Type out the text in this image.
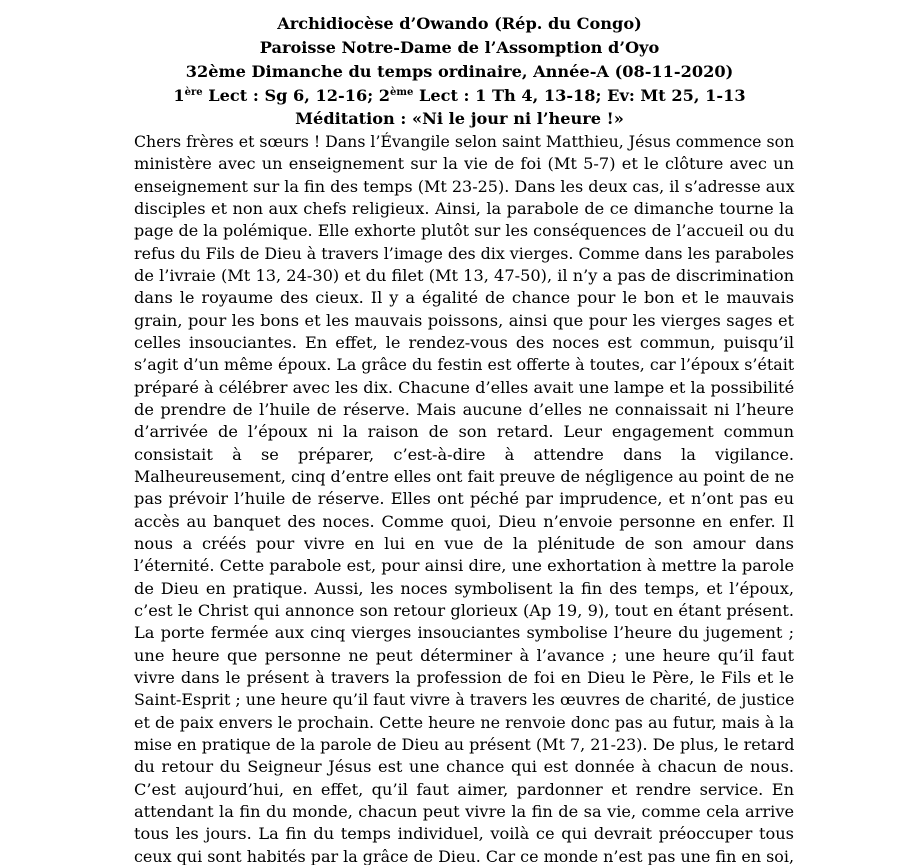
Archidiocèse d’Owando (Rép. du Congo)
Paroisse Notre-Dame de l’Assomption d’Oyo
32ème Dimanche du temps ordinaire, Année-A (08-11-2020)
1ère Lect : Sg 6, 12-16; 2ème Lect : 1 Th 4, 13-18; Ev: Mt 25, 1-13
Méditation : «Ni le jour ni l’heure !»
Chers frères et sœurs ! Dans l’Évangile selon saint Matthieu, Jésus commence son
ministère avec un enseignement sur la vie de foi (Mt 5-7) et le clôture avec un
enseignement sur la fin des temps (Mt 23-25). Dans les deux cas, il s’adresse aux
disciples et non aux chefs religieux. Ainsi, la parabole de ce dimanche tourne la
page de la polémique. Elle exhorte plutôt sur les conséquences de l’accueil ou du
refus du Fils de Dieu à travers l’image des dix vierges. Comme dans les paraboles
de l’ivraie (Mt 13, 24-30) et du filet (Mt 13, 47-50), il n’y a pas de discrimination
dans le royaume des cieux. Il y a égalité de chance pour le bon et le mauvais
grain, pour les bons et les mauvais poissons, ainsi que pour les vierges sages et
celles insouciantes. En effet, le rendez-vous des noces est commun, puisqu’il
s’agit d’un même époux. La grâce du festin est offerte à toutes, car l’époux s’était
préparé à célébrer avec les dix. Chacune d’elles avait une lampe et la possibilité
de prendre de l’huile de réserve. Mais aucune d’elles ne connaissait ni l’heure
d’arrivée de l’époux ni la raison de son retard. Leur engagement commun
consistait à se préparer, c’est-à-dire à attendre dans la vigilance.
Malheureusement, cinq d’entre elles ont fait preuve de négligence au point de ne
pas prévoir l’huile de réserve. Elles ont péché par imprudence, et n’ont pas eu
accès au banquet des noces. Comme quoi, Dieu n’envoie personne en enfer. Il
nous a créés pour vivre en lui en vue de la plénitude de son amour dans
l’éternité. Cette parabole est, pour ainsi dire, une exhortation à mettre la parole
de Dieu en pratique. Aussi, les noces symbolisent la fin des temps, et l’époux,
c’est le Christ qui annonce son retour glorieux (Ap 19, 9), tout en étant présent.
La porte fermée aux cinq vierges insouciantes symbolise l’heure du jugement ;
une heure que personne ne peut déterminer à l’avance ; une heure qu’il faut
vivre dans le présent à travers la profession de foi en Dieu le Père, le Fils et le
Saint-Esprit ; une heure qu’il faut vivre à travers les œuvres de charité, de justice
et de paix envers le prochain. Cette heure ne renvoie donc pas au futur, mais à la
mise en pratique de la parole de Dieu au présent (Mt 7, 21-23). De plus, le retard
du retour du Seigneur Jésus est une chance qui est donnée à chacun de nous.
C’est aujourd’hui, en effet, qu’il faut aimer, pardonner et rendre service. En
attendant la fin du monde, chacun peut vivre la fin de sa vie, comme cela arrive
tous les jours. La fin du temps individuel, voilà ce qui devrait préoccuper tous
ceux qui sont habités par la grâce de Dieu. Car ce monde n’est pas une fin en soi,
